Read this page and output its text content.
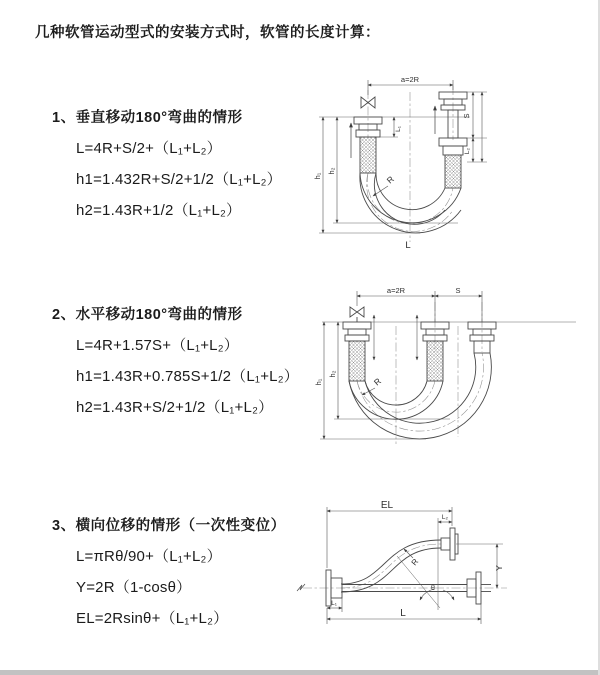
几种软管运动型式的安装方式时，软管的长度计算：
1、垂直移动180°弯曲的情形
L=4R+S/2+（L₁+L₂）
h1=1.432R+S/2+1/2（L₁+L₂）
h2=1.43R+1/2（L₁+L₂）
2、水平移动180°弯曲的情形
L=4R+1.57S+（L₁+L₂）
h1=1.43R+0.785S+1/2（L₁+L₂）
h2=1.43R+S/2+1/2（L₁+L₂）
3、横向位移的情形（一次性变位）
L=πRθ/90+（L₁+L₂）
Y=2R（1-cosθ）
EL=2Rsinθ+（L₁+L₂）
a=2R
L₁
S
L₂
h₁
h₂
R
L
a=2R	S
h₁
h₂
R
EL
L₂
Y
L
L₁
R
θ
